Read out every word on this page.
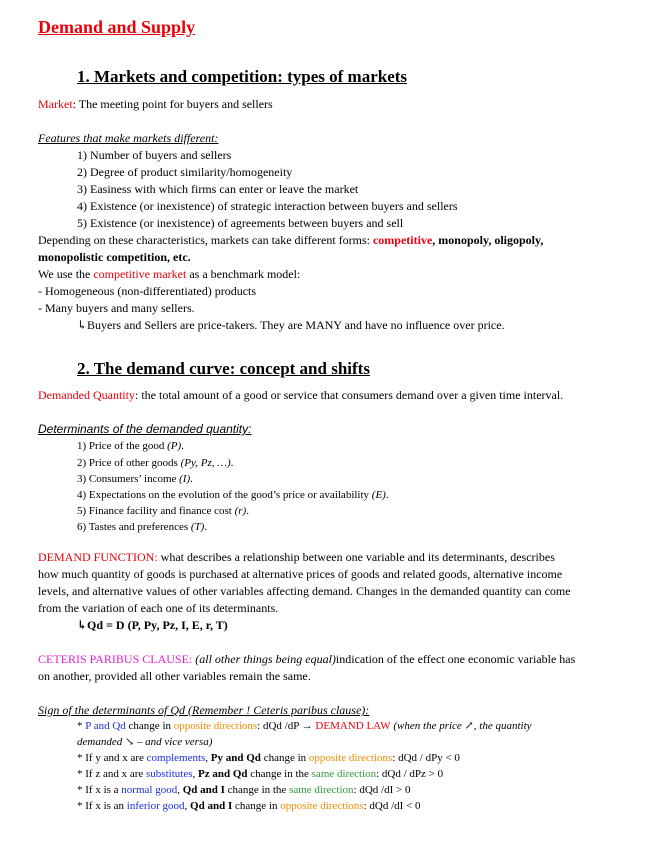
Demand and Supply
1. Markets and competition: types of markets
Market: The meeting point for buyers and sellers
Features that make markets different:
1) Number of buyers and sellers
2) Degree of product similarity/homogeneity
3) Easiness with which firms can enter or leave the market
4) Existence (or inexistence) of strategic interaction between buyers and sellers
5) Existence (or inexistence) of agreements between buyers and sell
Depending on these characteristics, markets can take different forms: competitive, monopoly, oligopoly,
monopolistic competition, etc.
We use the competitive market as a benchmark model:
- Homogeneous (non-differentiated) products
- Many buyers and many sellers.
↳Buyers and Sellers are price-takers. They are MANY and have no influence over price.
2. The demand curve: concept and shifts
Demanded Quantity: the total amount of a good or service that consumers demand over a given time interval.
Determinants of the demanded quantity:
1) Price of the good (P).
2) Price of other goods (Py, Pz, …).
3) Consumers’ income (I).
4) Expectations on the evolution of the good’s price or availability (E).
5) Finance facility and finance cost (r).
6) Tastes and preferences (T).
DEMAND FUNCTION: what describes a relationship between one variable and its determinants, describes
how much quantity of goods is purchased at alternative prices of goods and related goods, alternative income
levels, and alternative values of other variables affecting demand. Changes in the demanded quantity can come
from the variation of each one of its determinants.
↳Qd = D (P, Py, Pz, I, E, r, T)
CETERIS PARIBUS CLAUSE: (all other things being equal)indication of the effect one economic variable has
on another, provided all other variables remain the same.
Sign of the determinants of Qd (Remember ! Ceteris paribus clause):
* P and Qd change in opposite directions: dQd /dP → DEMAND LAW (when the price ↗, the quantity
demanded ↘ – and vice versa)
* If y and x are complements, Py and Qd change in opposite directions: dQd / dPy < 0
* If z and x are substitutes, Pz and Qd change in the same direction: dQd / dPz > 0
* If x is a normal good, Qd and I change in the same direction: dQd /dI > 0
* If x is an inferior good, Qd and I change in opposite directions: dQd /dI < 0
